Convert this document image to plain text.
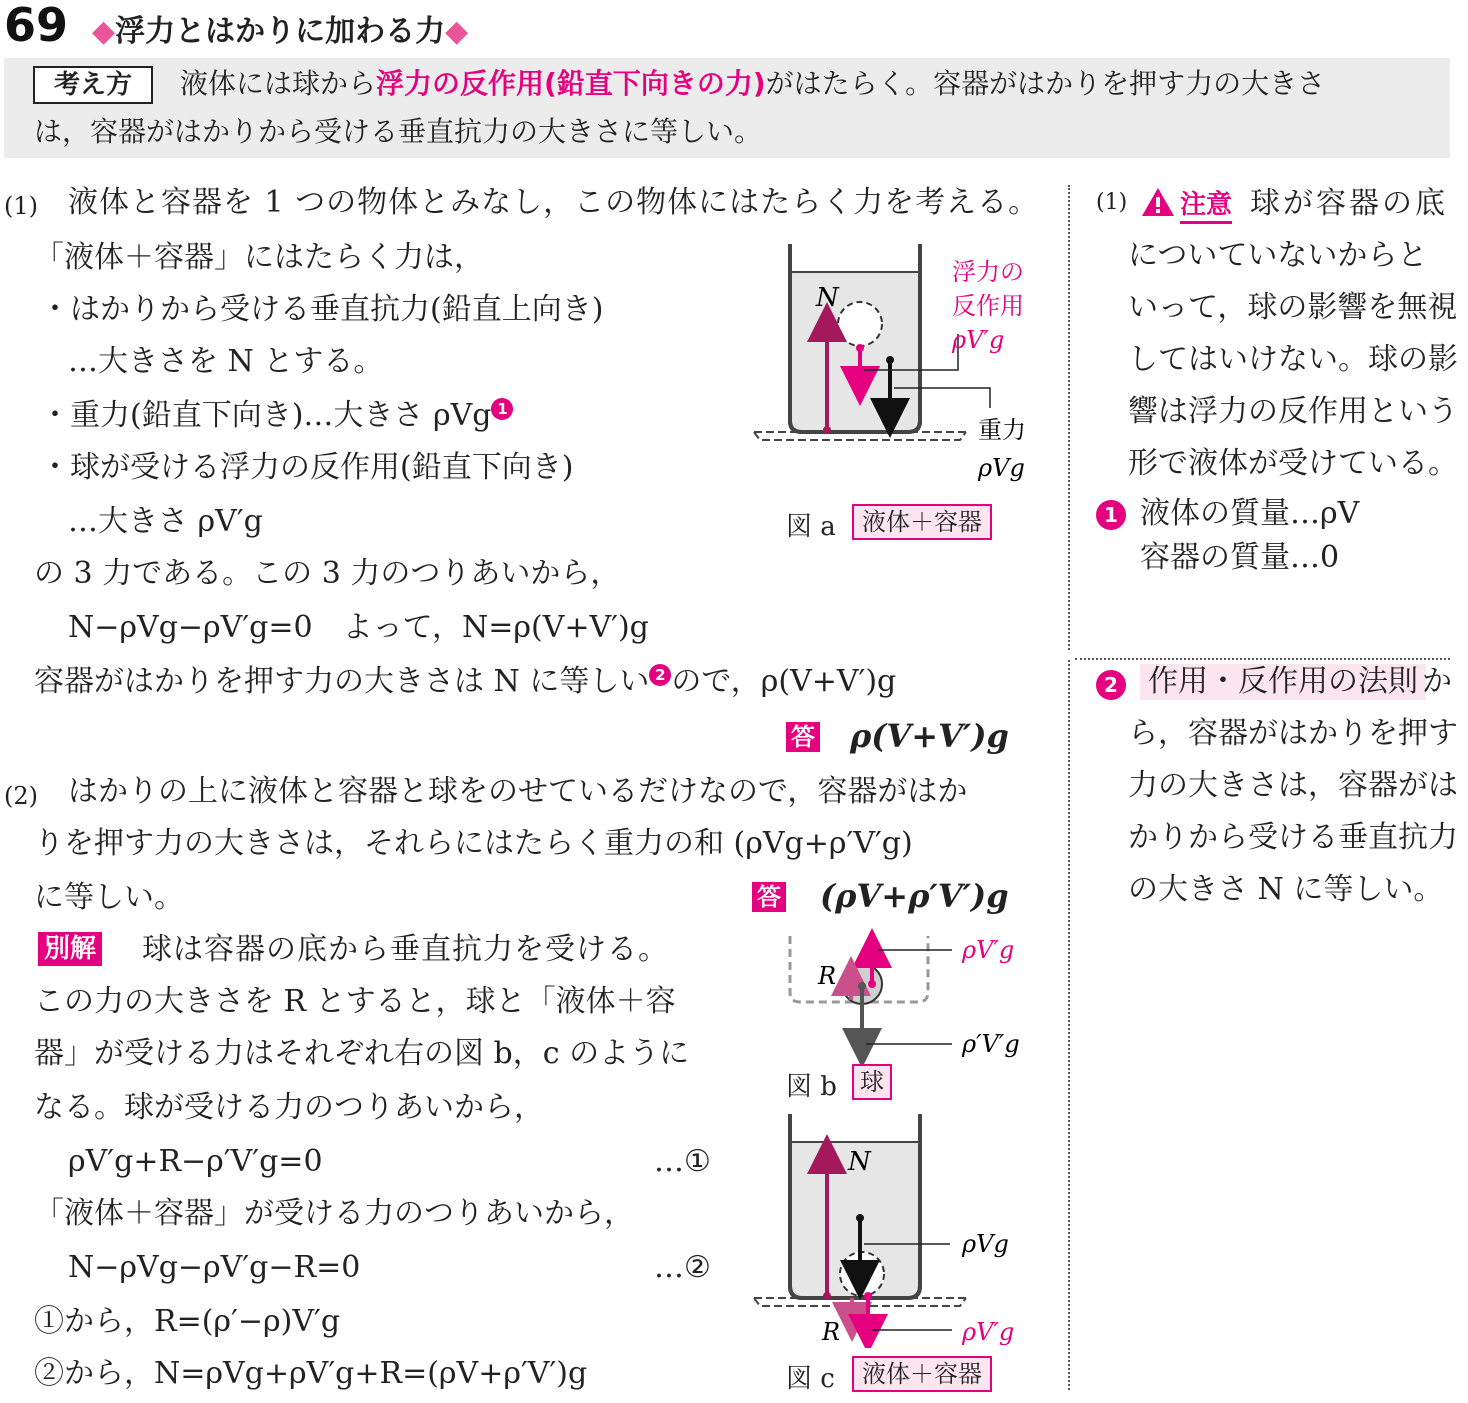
69 ◆浮力とはかりに加わる力◆
考え方	液体には球から浮力の反作用(鉛直下向きの力)がはたらく。容器がはかりを押す力の大きさ
は，容器がはかりから受ける垂直抗力の大きさに等しい。
(1) 液体と容器を 1 つの物体とみなし，この物体にはたらく力を考える。
「液体＋容器」にはたらく力は，
・はかりから受ける垂直抗力(鉛直上向き)
…大きさを N とする。
・重力(鉛直下向き)…大きさ ρVg 1
・球が受ける浮力の反作用(鉛直下向き)
…大きさ ρV′g
の 3 力である。この 3 力のつりあいから，
N−ρVg−ρV′g=0　よって，N=ρ(V+V′)g
容器がはかりを押す力の大きさは N に等しい 2 ので，ρ(V+V′)g
答 ρ(V+V′)g
(2) はかりの上に液体と容器と球をのせているだけなので，容器がはか
りを押す力の大きさは，それらにはたらく重力の和 (ρVg+ρ′V′g)
に等しい。	答 (ρV+ρ′V′)g
別解 球は容器の底から垂直抗力を受ける。
この力の大きさを R とすると，球と「液体＋容
器」が受ける力はそれぞれ右の図 b，c のように
なる。球が受ける力のつりあいから，
ρV′g+R−ρ′V′g=0	…①
「液体＋容器」が受ける力のつりあいから，
N−ρVg−ρV′g−R=0	…②
①から，R=(ρ′−ρ)V′g
②から，N=ρVg+ρV′g+R=(ρV+ρ′V′)g
N
浮力の
反作用
ρV′g
重力
ρVg
図 a	液体＋容器
R
ρV′g
ρ′V′g
図 b 球
N
ρVg
R	ρV′g
図 c	液体＋容器
(1) 注意 球が容器の底
についていないからと
いって，球の影響を無視
してはいけない。球の影
響は浮力の反作用という
形で液体が受けている。
1 液体の質量…ρV
容器の質量…0
2 作用・反作用の法則 か
ら，容器がはかりを押す
力の大きさは，容器がは
かりから受ける垂直抗力
の大きさ N に等しい。
